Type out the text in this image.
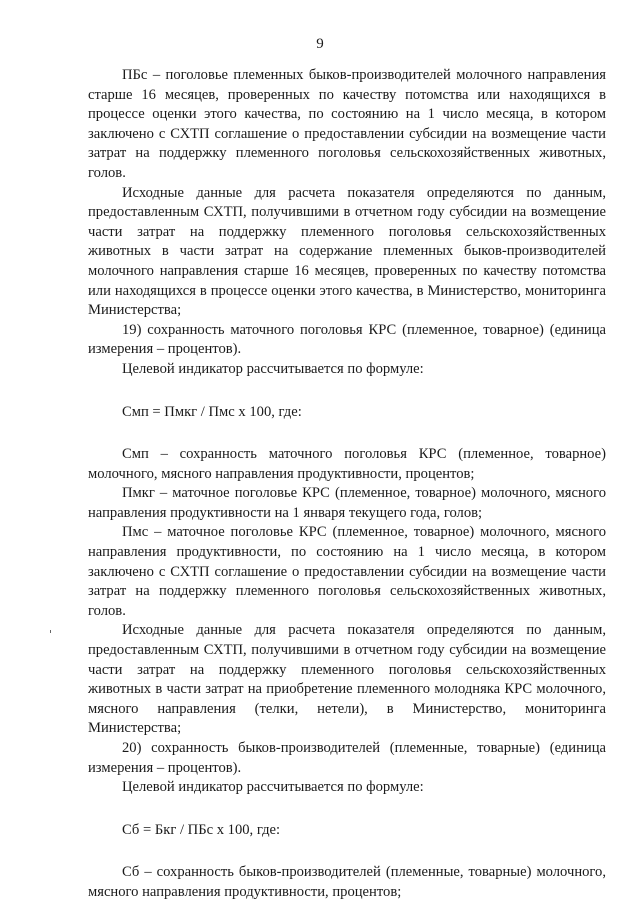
9

ПБс – поголовье племенных быков-производителей молочного направления старше 16 месяцев, проверенных по качеству потомства или находящихся в процессе оценки этого качества, по состоянию на 1 число месяца, в котором заключено с СХТП соглашение о предоставлении субсидии на возмещение части затрат на поддержку племенного поголовья сельскохозяйственных животных, голов.

Исходные данные для расчета показателя определяются по данным, предоставленным СХТП, получившими в отчетном году субсидии на возмещение части затрат на поддержку племенного поголовья сельскохозяйственных животных в части затрат на содержание племенных быков-производителей молочного направления старше 16 месяцев, проверенных по качеству потомства или находящихся в процессе оценки этого качества, в Министерство, мониторинга Министерства;

19) сохранность маточного поголовья КРС (племенное, товарное) (единица измерения – процентов).

Целевой индикатор рассчитывается по формуле:

Смп = Пмкг / Пмс х 100, где:

Смп – сохранность маточного поголовья КРС (племенное, товарное) молочного, мясного направления продуктивности, процентов;

Пмкг – маточное поголовье КРС (племенное, товарное) молочного, мясного направления продуктивности на 1 января текущего года, голов;

Пмс – маточное поголовье КРС (племенное, товарное) молочного, мясного направления продуктивности, по состоянию на 1 число месяца, в котором заключено с СХТП соглашение о предоставлении субсидии на возмещение части затрат на поддержку племенного поголовья сельскохозяйственных животных, голов.

Исходные данные для расчета показателя определяются по данным, предоставленным СХТП, получившими в отчетном году субсидии на возмещение части затрат на поддержку племенного поголовья сельскохозяйственных животных в части затрат на приобретение племенного молодняка КРС молочного, мясного направления (телки, нетели), в Министерство, мониторинга Министерства;

20) сохранность быков-производителей (племенные, товарные) (единица измерения – процентов).

Целевой индикатор рассчитывается по формуле:

Сб = Бкг / ПБс х 100, где:

Сб – сохранность быков-производителей (племенные, товарные) молочного, мясного направления продуктивности, процентов;
